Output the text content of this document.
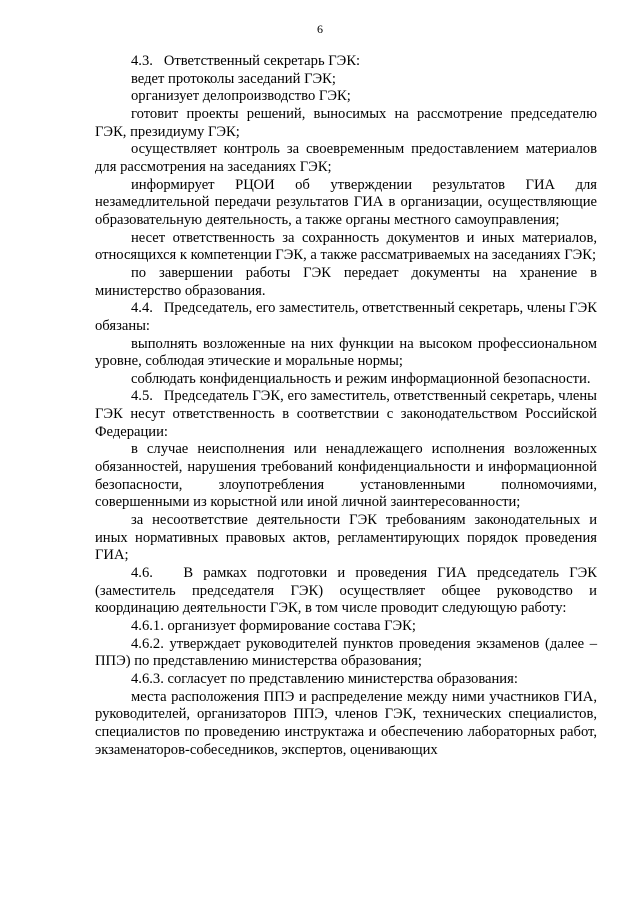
6

4.3.   Ответственный секретарь ГЭК:

ведет протоколы заседаний ГЭК;

организует делопроизводство ГЭК;

готовит проекты решений, выносимых на рассмотрение председателю ГЭК, президиуму ГЭК;

осуществляет контроль за своевременным предоставлением материалов для рассмотрения на заседаниях ГЭК;

информирует РЦОИ об утверждении результатов ГИА для незамедлительной передачи результатов ГИА в организации, осуществляющие образовательную деятельность, а также органы местного самоуправления;

несет ответственность за сохранность документов и иных материалов, относящихся к компетенции ГЭК, а также рассматриваемых на заседаниях ГЭК;

по завершении работы ГЭК передает документы на хранение в министерство образования.

4.4.   Председатель, его заместитель, ответственный секретарь, члены ГЭК обязаны:

выполнять возложенные на них функции на высоком профессиональном уровне, соблюдая этические и моральные нормы;

соблюдать конфиденциальность и режим информационной безопасности.

4.5.   Председатель ГЭК, его заместитель, ответственный секретарь, члены ГЭК несут ответственность в соответствии с законодательством Российской Федерации:

в случае неисполнения или ненадлежащего исполнения возложенных обязанностей, нарушения требований конфиденциальности и информационной безопасности, злоупотребления установленными полномочиями, совершенными из корыстной или иной личной заинтересованности;

за несоответствие деятельности ГЭК требованиям законодательных и иных нормативных правовых актов, регламентирующих порядок проведения ГИА;

4.6.   В рамках подготовки и проведения ГИА председатель ГЭК (заместитель председателя ГЭК) осуществляет общее руководство и координацию деятельности ГЭК, в том числе проводит следующую работу:

4.6.1. организует формирование состава ГЭК;

4.6.2. утверждает руководителей пунктов проведения экзаменов (далее – ППЭ) по представлению министерства образования;

4.6.3. согласует по представлению министерства образования:

места расположения ППЭ и распределение между ними участников ГИА, руководителей, организаторов ППЭ, членов ГЭК, технических специалистов, специалистов по проведению инструктажа и обеспечению лабораторных работ, экзаменаторов-собеседников, экспертов, оценивающих
